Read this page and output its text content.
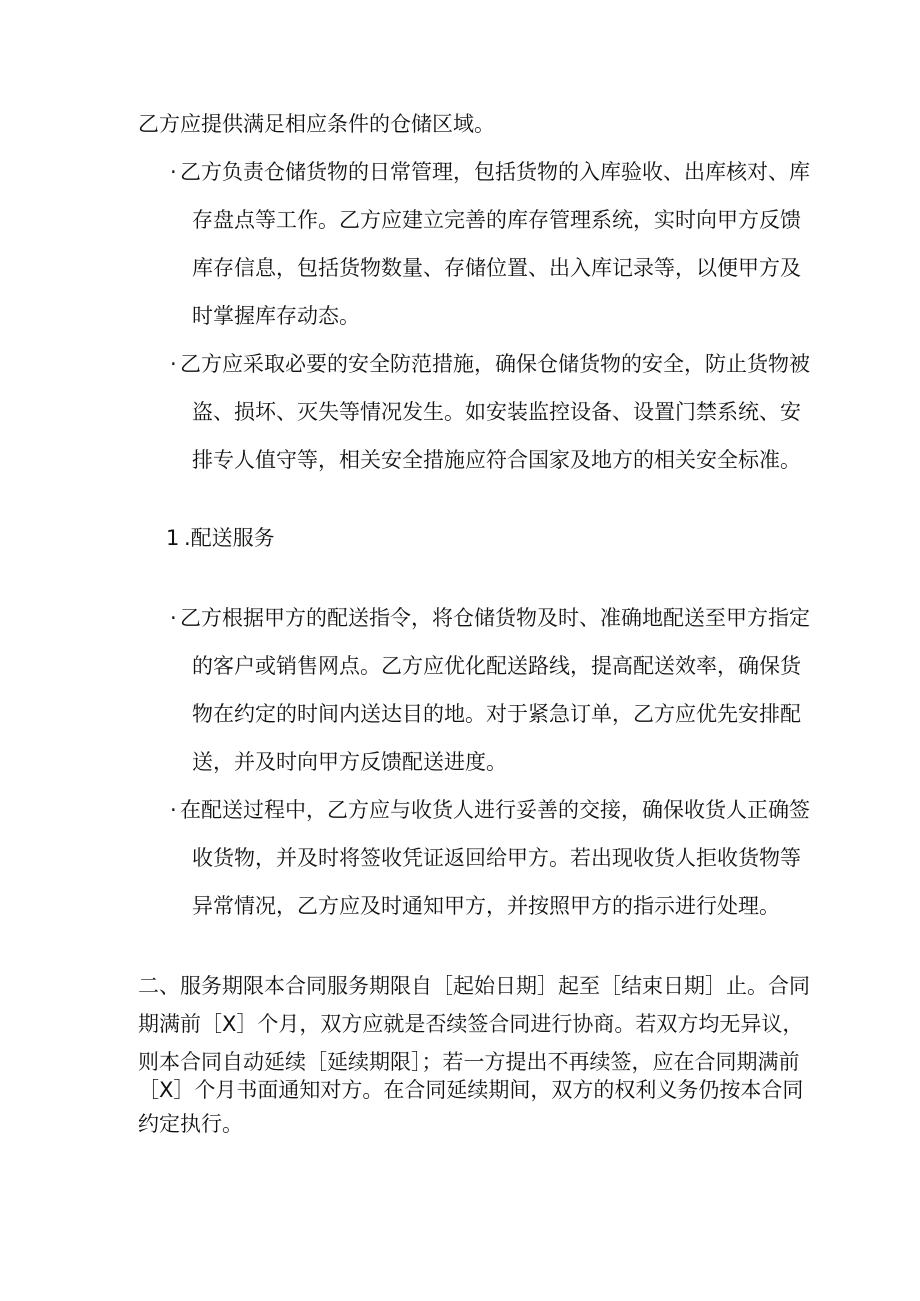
乙方应提供满足相应条件的仓储区域。
· 乙方负责仓储货物的日常管理，包括货物的入库验收、出库核对、库
存盘点等工作。乙方应建立完善的库存管理系统，实时向甲方反馈
库存信息，包括货物数量、存储位置、出入库记录等，以便甲方及
时掌握库存动态。
· 乙方应采取必要的安全防范措施，确保仓储货物的安全，防止货物被
盗、损坏、灭失等情况发生。如安装监控设备、设置门禁系统、安
排专人值守等，相关安全措施应符合国家及地方的相关安全标准。
1 .配送服务
· 乙方根据甲方的配送指令，将仓储货物及时、准确地配送至甲方指定
的客户或销售网点。乙方应优化配送路线，提高配送效率，确保货
物在约定的时间内送达目的地。对于紧急订单，乙方应优先安排配
送，并及时向甲方反馈配送进度。
· 在配送过程中，乙方应与收货人进行妥善的交接，确保收货人正确签
收货物，并及时将签收凭证返回给甲方。若出现收货人拒收货物等
异常情况，乙方应及时通知甲方，并按照甲方的指示进行处理。
二、服务期限本合同服务期限自［起始日期］起至［结束日期］止。合同
期满前［X］个月，双方应就是否续签合同进行协商。若双方均无异议，
则本合同自动延续［延续期限］；若一方提出不再续签，应在合同期满前
［X］个月书面通知对方。在合同延续期间，双方的权利义务仍按本合同
约定执行。
